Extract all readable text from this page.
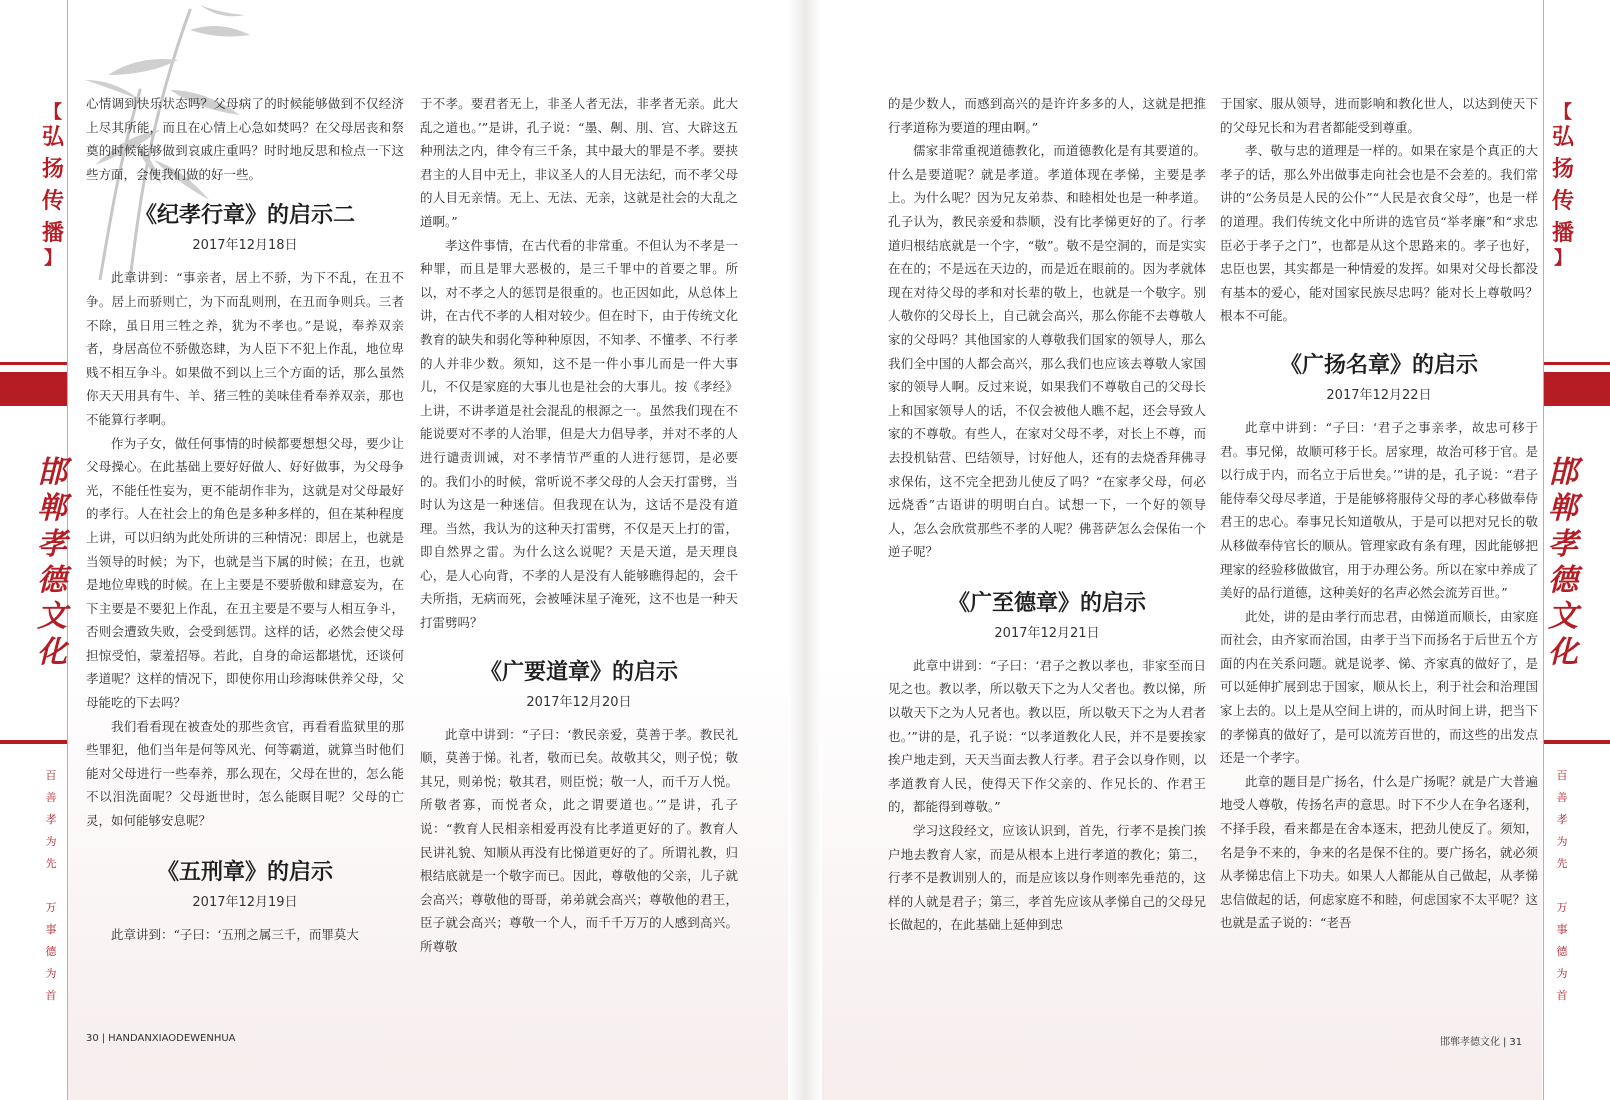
【
弘
扬
传
播
】
【
弘
扬
传
播
】
邯
郸
孝
德
文
化
邯
郸
孝
德
文
化
百
善
孝
为
先
万
事
德
为
首
百
善
孝
为
先
万
事
德
为
首

心情调到快乐状态吗？父母病了的时候能够做到不仅经济上尽其所能，而且在心情上心急如焚吗？在父母居丧和祭奠的时候能够做到哀戚庄重吗？时时地反思和检点一下这些方面，会使我们做的好一些。

《纪孝行章》的启示二
2017年12月18日

此章讲到：“事亲者，居上不骄，为下不乱，在丑不争。居上而骄则亡，为下而乱则刑，在丑而争则兵。三者不除，虽日用三牲之养，犹为不孝也。”是说，奉养双亲者，身居高位不骄傲恣肆，为人臣下不犯上作乱，地位卑贱不相互争斗。如果做不到以上三个方面的话，那么虽然你天天用具有牛、羊、猪三牲的美味佳肴奉养双亲，那也不能算行孝啊。

作为子女，做任何事情的时候都要想想父母，要少让父母操心。在此基础上要好好做人、好好做事，为父母争光，不能任性妄为，更不能胡作非为，这就是对父母最好的孝行。人在社会上的角色是多种多样的，但在某种程度上讲，可以归纳为此处所讲的三种情况：即居上，也就是当领导的时候；为下，也就是当下属的时候；在丑，也就是地位卑贱的时候。在上主要是不要骄傲和肆意妄为，在下主要是不要犯上作乱，在丑主要是不要与人相互争斗，否则会遭致失败，会受到惩罚。这样的话，必然会使父母担惊受怕，蒙羞招辱。若此，自身的命运都堪忧，还谈何孝道呢？这样的情况下，即使你用山珍海味供养父母，父母能吃的下去吗？

我们看看现在被查处的那些贪官，再看看监狱里的那些罪犯，他们当年是何等风光、何等霸道，就算当时他们能对父母进行一些奉养，那么现在，父母在世的，怎么能不以泪洗面呢？父母逝世时，怎么能瞑目呢？父母的亡灵，如何能够安息呢？

《五刑章》的启示
2017年12月19日

此章讲到：“子曰：‘五刑之属三千，而罪莫大

于不孝。要君者无上，非圣人者无法，非孝者无亲。此大乱之道也。’”是讲，孔子说：“墨、劓、刖、宫、大辟这五种刑法之内，律令有三千条，其中最大的罪是不孝。要挟君主的人目中无上，非议圣人的人目无法纪，而不孝父母的人目无亲情。无上、无法、无亲，这就是社会的大乱之道啊。”

孝这件事情，在古代看的非常重。不但认为不孝是一种罪，而且是罪大恶极的，是三千罪中的首要之罪。所以，对不孝之人的惩罚是很重的。也正因如此，从总体上讲，在古代不孝的人相对较少。但在时下，由于传统文化教育的缺失和弱化等种种原因，不知孝、不懂孝、不行孝的人并非少数。须知，这不是一件小事儿而是一件大事儿，不仅是家庭的大事儿也是社会的大事儿。按《孝经》上讲，不讲孝道是社会混乱的根源之一。虽然我们现在不能说要对不孝的人治罪，但是大力倡导孝，并对不孝的人进行谴责训诫，对不孝情节严重的人进行惩罚，是必要的。我们小的时候，常听说不孝父母的人会天打雷劈，当时认为这是一种迷信。但我现在认为，这话不是没有道理。当然，我认为的这种天打雷劈，不仅是天上打的雷，即自然界之雷。为什么这么说呢？天是天道，是天理良心，是人心向背，不孝的人是没有人能够瞧得起的，会千夫所指，无病而死，会被唾沫星子淹死，这不也是一种天打雷劈吗？

《广要道章》的启示
2017年12月20日

此章中讲到：“子曰：‘教民亲爱，莫善于孝。教民礼顺，莫善于悌。礼者，敬而已矣。故敬其父，则子悦；敬其兄，则弟悦；敬其君，则臣悦；敬一人，而千万人悦。所敬者寡，而悦者众，此之谓要道也。’”是讲，孔子说：“教育人民相亲相爱再没有比孝道更好的了。教育人民讲礼貌、知顺从再没有比悌道更好的了。所谓礼教，归根结底就是一个敬字而已。因此，尊敬他的父亲，儿子就会高兴；尊敬他的哥哥，弟弟就会高兴；尊敬他的君王，臣子就会高兴；尊敬一个人，而千千万万的人感到高兴。所尊敬

的是少数人，而感到高兴的是许许多多的人，这就是把推行孝道称为要道的理由啊。”

儒家非常重视道德教化，而道德教化是有其要道的。什么是要道呢？就是孝道。孝道体现在孝悌，主要是孝上。为什么呢？因为兄友弟恭、和睦相处也是一种孝道。孔子认为，教民亲爱和恭顺，没有比孝悌更好的了。行孝道归根结底就是一个字，“敬”。敬不是空洞的，而是实实在在的；不是远在天边的，而是近在眼前的。因为孝就体现在对待父母的孝和对长辈的敬上，也就是一个敬字。别人敬你的父母长上，自己就会高兴，那么你能不去尊敬人家的父母吗？其他国家的人尊敬我们国家的领导人，那么我们全中国的人都会高兴，那么我们也应该去尊敬人家国家的领导人啊。反过来说，如果我们不尊敬自己的父母长上和国家领导人的话，不仅会被他人瞧不起，还会导致人家的不尊敬。有些人，在家对父母不孝，对长上不尊，而去投机钻营、巴结领导，讨好他人，还有的去烧香拜佛寻求保佑，这不完全把劲儿使反了吗？“在家孝父母，何必远烧香”古语讲的明明白白。试想一下，一个好的领导人，怎么会欣赏那些不孝的人呢？佛菩萨怎么会保佑一个逆子呢？

《广至德章》的启示
2017年12月21日

此章中讲到：“子曰：‘君子之教以孝也，非家至而日见之也。教以孝，所以敬天下之为人父者也。教以悌，所以敬天下之为人兄者也。教以臣，所以敬天下之为人君者也。’”讲的是，孔子说：“以孝道教化人民，并不是要挨家挨户地走到，天天当面去教人行孝。君子会以身作则，以孝道教育人民，使得天下作父亲的、作兄长的、作君王的，都能得到尊敬。”

学习这段经文，应该认识到，首先，行孝不是挨门挨户地去教育人家，而是从根本上进行孝道的教化；第二，行孝不是教训别人的，而是应该以身作则率先垂范的，这样的人就是君子；第三，孝首先应该从孝悌自己的父母兄长做起的，在此基础上延伸到忠

于国家、服从领导，进而影响和教化世人，以达到使天下的父母兄长和为君者都能受到尊重。

孝、敬与忠的道理是一样的。如果在家是个真正的大孝子的话，那么外出做事走向社会也是不会差的。我们常讲的“公务员是人民的公仆”“人民是衣食父母”，也是一样的道理。我们传统文化中所讲的选官员“举孝廉”和“求忠臣必于孝子之门”，也都是从这个思路来的。孝子也好，忠臣也罢，其实都是一种情爱的发挥。如果对父母长都没有基本的爱心，能对国家民族尽忠吗？能对长上尊敬吗？根本不可能。

《广扬名章》的启示
2017年12月22日

此章中讲到：“子曰：‘君子之事亲孝，故忠可移于君。事兄悌，故顺可移于长。居家理，故治可移于官。是以行成于内，而名立于后世矣。’”讲的是，孔子说：“君子能侍奉父母尽孝道，于是能够将服侍父母的孝心移做奉侍君王的忠心。奉事兄长知道敬从，于是可以把对兄长的敬从移做奉侍官长的顺从。管理家政有条有理，因此能够把理家的经验移做做官，用于办理公务。所以在家中养成了美好的品行道德，这种美好的名声必然会流芳百世。”

此处，讲的是由孝行而忠君，由悌道而顺长，由家庭而社会，由齐家而治国，由孝于当下而扬名于后世五个方面的内在关系问题。就是说孝、悌、齐家真的做好了，是可以延伸扩展到忠于国家，顺从长上，利于社会和治理国家上去的。以上是从空间上讲的，而从时间上讲，把当下的孝悌真的做好了，是可以流芳百世的，而这些的出发点还是一个孝字。

此章的题目是广扬名，什么是广扬呢？就是广大普遍地受人尊敬，传扬名声的意思。时下不少人在争名逐利，不择手段，看来都是在舍本逐末，把劲儿使反了。须知，名是争不来的，争来的名是保不住的。要广扬名，就必须从孝悌忠信上下功夫。如果人人都能从自己做起，从孝悌忠信做起的话，何虑家庭不和睦，何虑国家不太平呢？这也就是孟子说的：“老吾

30 | HANDANXIAODEWENHUA	邯郸孝德文化 | 31
